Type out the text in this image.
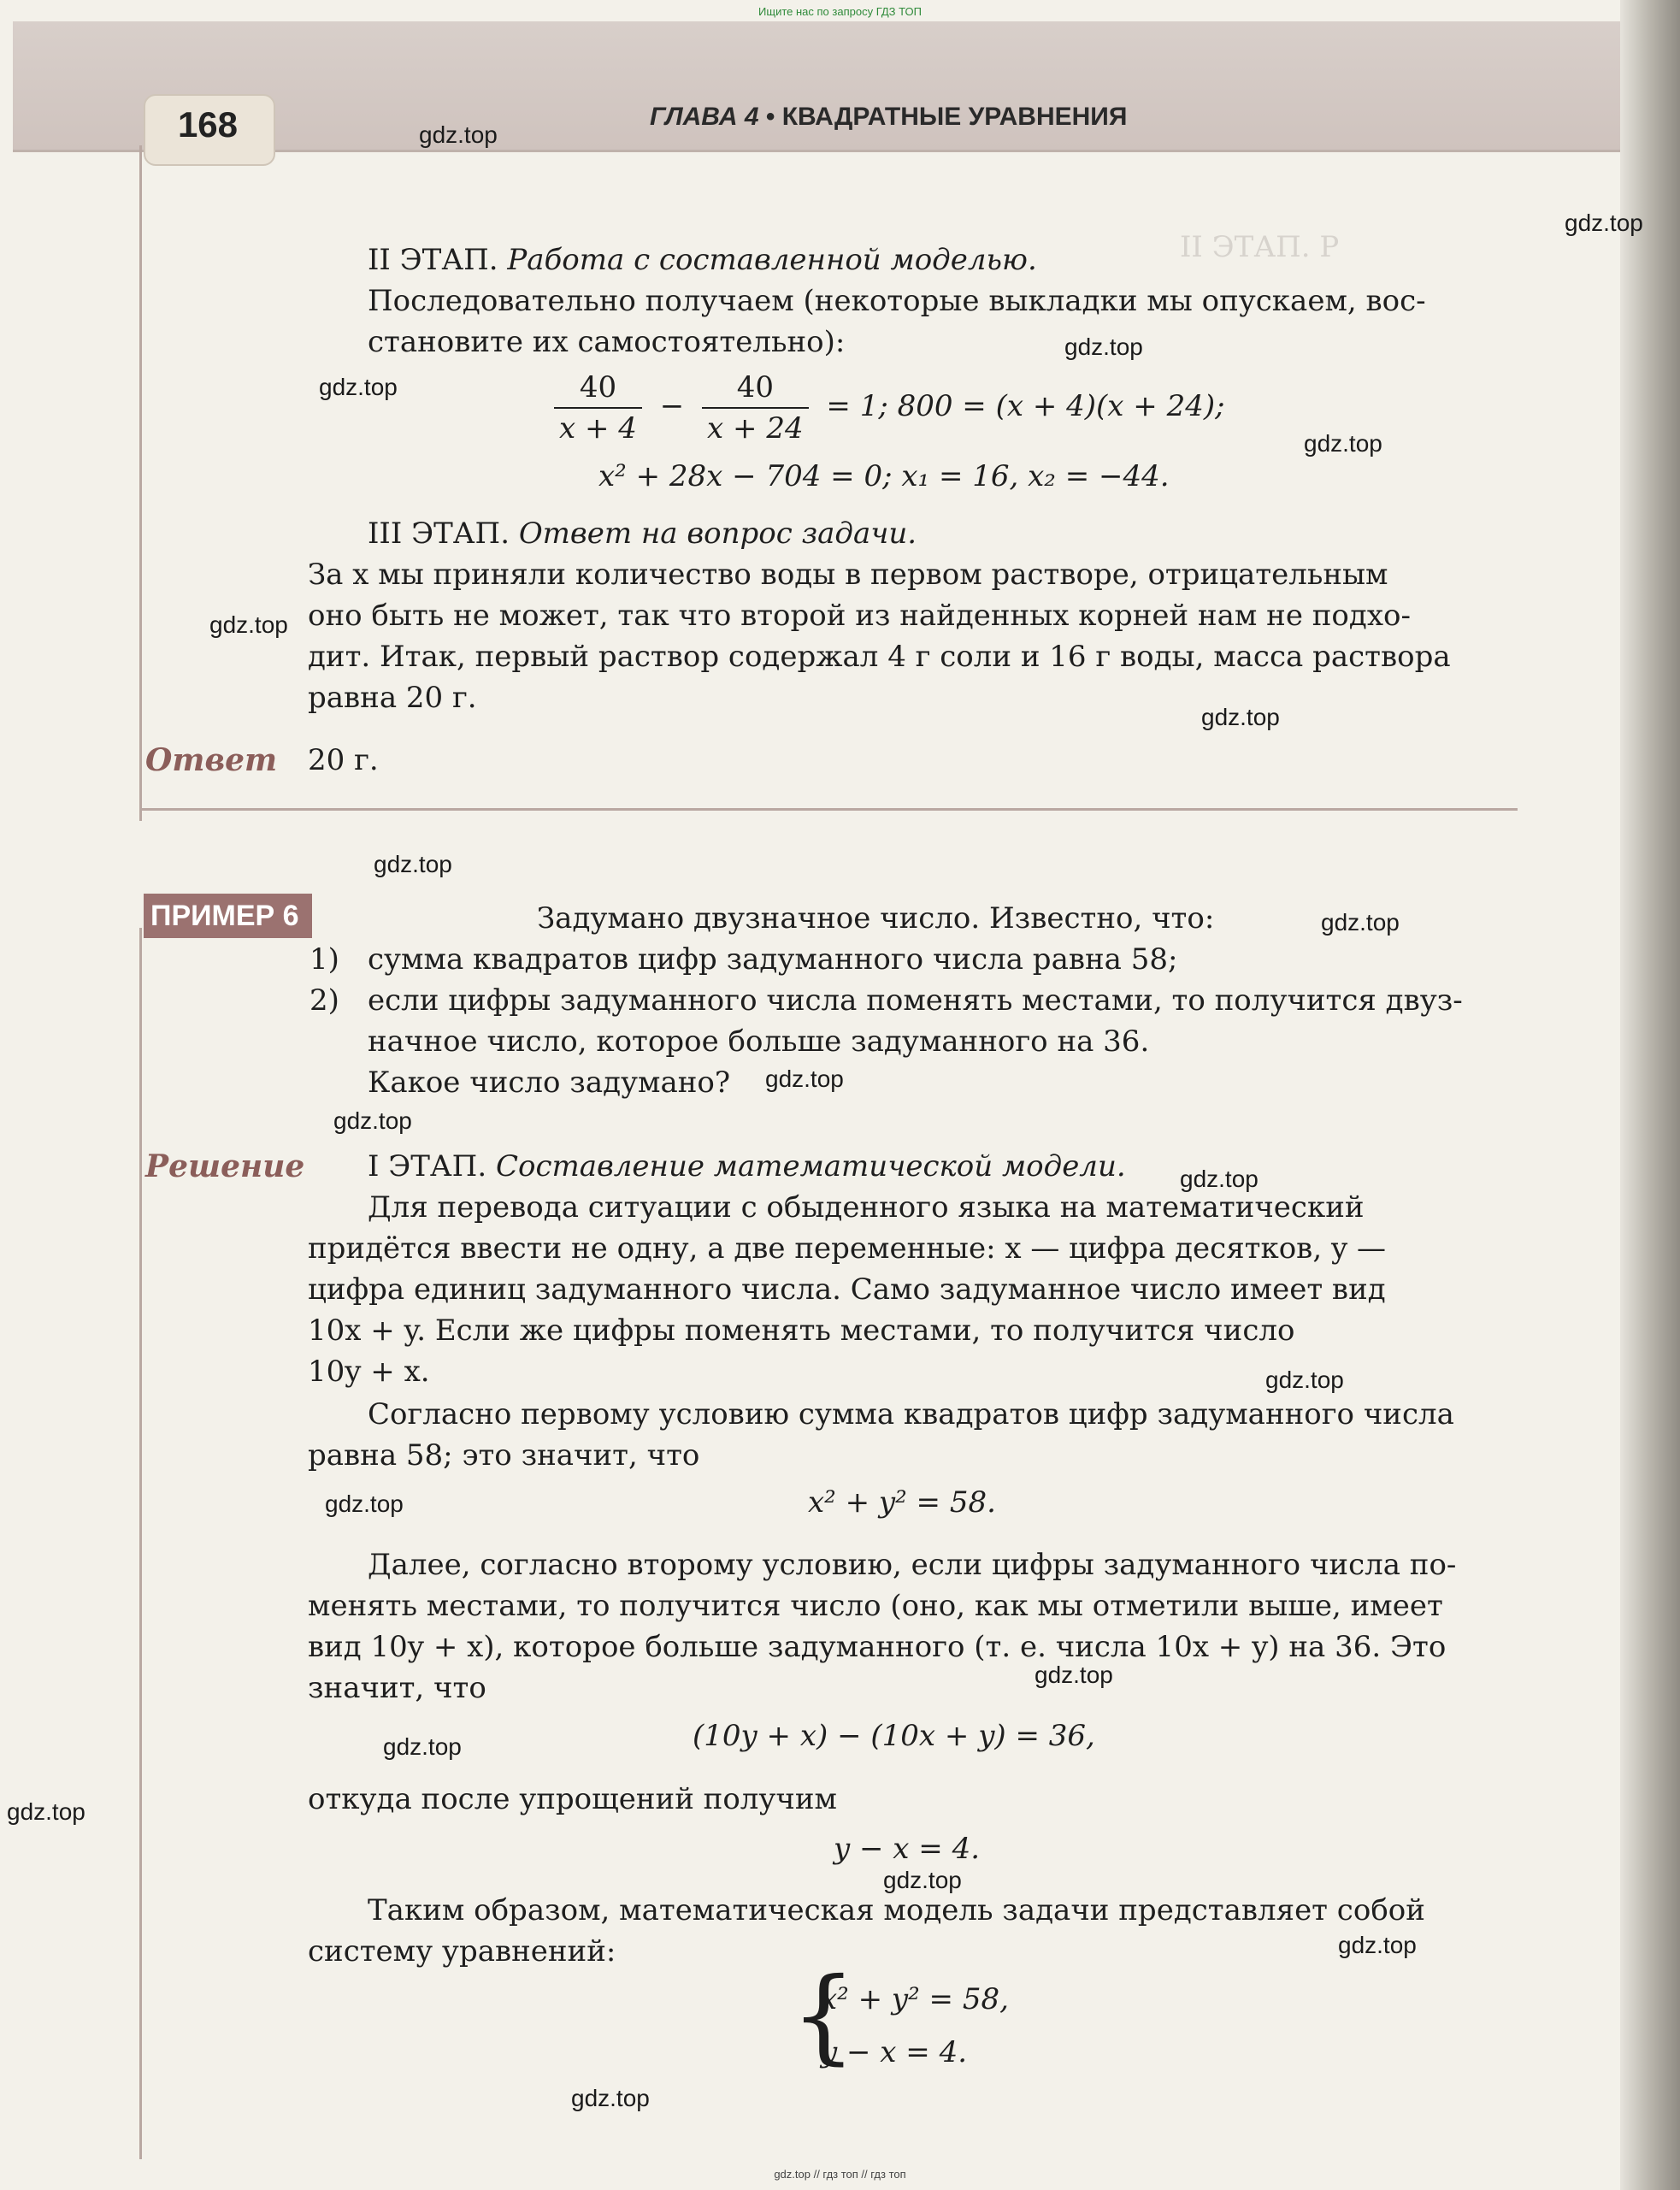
Ищите нас по запросу ГДЗ ТОП
168	ГЛАВА 4 • КВАДРАТНЫЕ УРАВНЕНИЯ
II ЭТАП. Р
II ЭТАП. Работа с составленной моделью.
Последовательно получаем (некоторые выкладки мы опускаем, вос-
становите их самостоятельно):
$\frac{40}{x + 4} - \frac{40}{x + 24} = 1$; 800 = (x + 4)(x + 24);
x² + 28x − 704 = 0; x₁ = 16, x₂ = −44.
III ЭТАП. Ответ на вопрос задачи.
За x мы приняли количество воды в первом растворе, отрицательным
оно быть не может, так что второй из найденных корней нам не подхо-
дит. Итак, первый раствор содержал 4 г соли и 16 г воды, масса раствора
равна 20 г.
Ответ 20 г.
ПРИМЕР 6	Задумано двузначное число. Известно, что:
1) сумма квадратов цифр задуманного числа равна 58;
2) если цифры задуманного числа поменять местами, то получится двуз-
начное число, которое больше задуманного на 36.
Какое число задумано?
Решение I ЭТАП. Составление математической модели.
Для перевода ситуации с обыденного языка на математический
придётся ввести не одну, а две переменные: x — цифра десятков, y —
цифра единиц задуманного числа. Само задуманное число имеет вид
10x + y. Если же цифры поменять местами, то получится число
10y + x.
Согласно первому условию сумма квадратов цифр задуманного числа
равна 58; это значит, что
x² + y² = 58.
Далее, согласно второму условию, если цифры задуманного числа по-
менять местами, то получится число (оно, как мы отметили выше, имеет
вид 10y + x), которое больше задуманного (т. е. числа 10x + y) на 36. Это
значит, что
(10y + x) − (10x + y) = 36,
откуда после упрощений получим
y − x = 4.
Таким образом, математическая модель задачи представляет собой
систему уравнений:
{
x² + y² = 58,
y − x = 4.
gdz.top
gdz.top
gdz.top
gdz.top
gdz.top
gdz.top
gdz.top
gdz.top
gdz.top
gdz.top
gdz.top
gdz.top
gdz.top
gdz.top
gdz.top
gdz.top
gdz.top
gdz.top
gdz.top
gdz.top
gdz.top // гдз топ // гдз топ
